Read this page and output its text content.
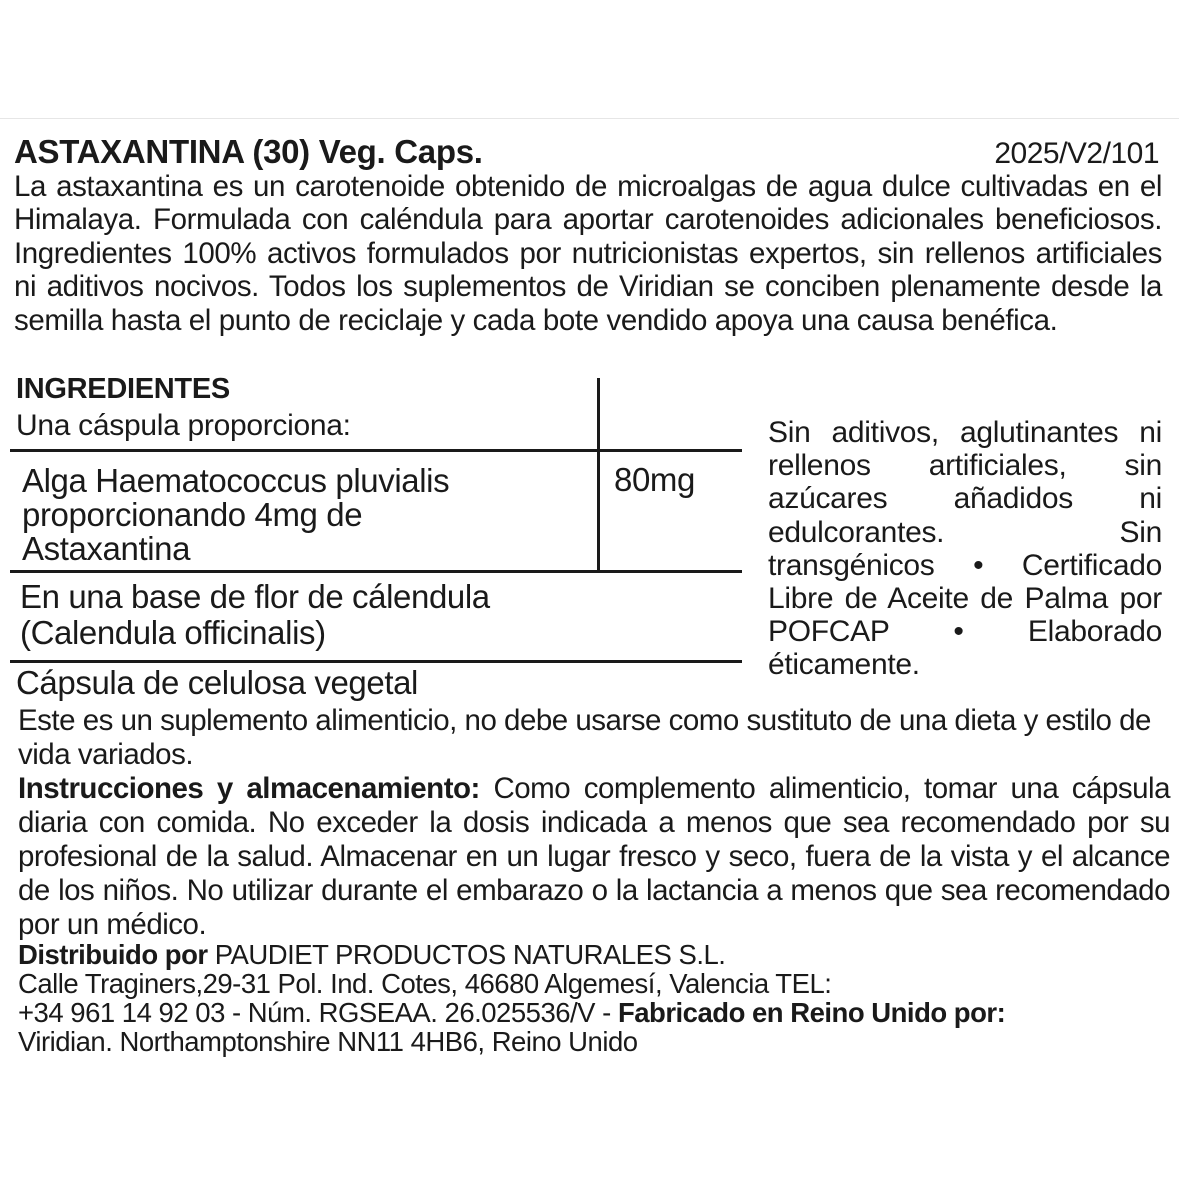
ASTAXANTINA (30) Veg. Caps.	2025/V2/101

La astaxantina es un carotenoide obtenido de microalgas de agua dulce cultivadas en el Himalaya. Formulada con caléndula para aportar carotenoides adicionales beneficiosos. Ingredientes 100% activos formulados por nutricionistas expertos, sin rellenos artificiales ni aditivos nocivos. Todos los suplementos de Viridian se conciben plenamente desde la semilla hasta el punto de reciclaje y cada bote vendido apoya una causa benéfica.

INGREDIENTES
Una cáspula proporciona:
Alga Haematococcus pluvialis
proporcionando 4mg de
Astaxantina
80mg
En una base de flor de cálendula
(Calendula officinalis)
Cápsula de celulosa vegetal

Sin aditivos, aglutinantes ni rellenos artificiales, sin azúcares añadidos ni edulcorantes. Sin transgénicos • Certificado Libre de Aceite de Palma por POFCAP • Elaborado éticamente.

Este es un suplemento alimenticio, no debe usarse como sustituto de una dieta y estilo de vida variados.

Instrucciones y almacenamiento: Como complemento alimenticio, tomar una cápsula diaria con comida. No exceder la dosis indicada a menos que sea recomendado por su profesional de la salud. Almacenar en un lugar fresco y seco, fuera de la vista y el alcance de los niños. No utilizar durante el embarazo o la lactancia a menos que sea recomendado por un médico.

Distribuido por PAUDIET PRODUCTOS NATURALES S.L.
Calle Traginers,29-31 Pol. Ind. Cotes, 46680 Algemesí, Valencia TEL:
+34 961 14 92 03 - Núm. RGSEAA. 26.025536/V - Fabricado en Reino Unido por:
Viridian. Northamptonshire NN11 4HB6, Reino Unido
